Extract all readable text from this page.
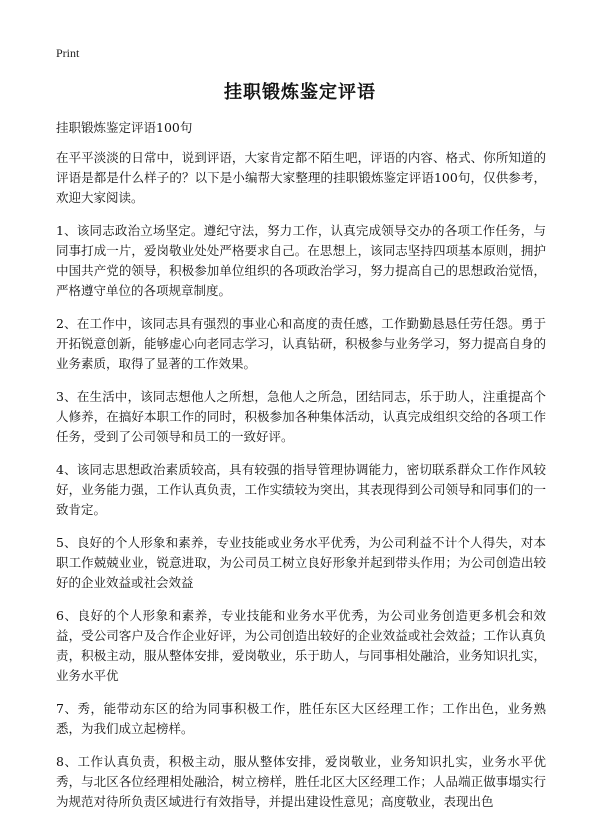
Print
挂职锻炼鉴定评语

挂职锻炼鉴定评语100句

在平平淡淡的日常中，说到评语，大家肯定都不陌生吧，评语的内容、格式、你所知道的评语是都是什么样子的？以下是小编帮大家整理的挂职锻炼鉴定评语100句，仅供参考，欢迎大家阅读。

1、该同志政治立场坚定。遵纪守法，努力工作，认真完成领导交办的各项工作任务，与同事打成一片，爱岗敬业处处严格要求自己。在思想上，该同志坚持四项基本原则，拥护中国共产党的领导，积极参加单位组织的各项政治学习，努力提高自己的思想政治觉悟，严格遵守单位的各项规章制度。

2、在工作中，该同志具有强烈的事业心和高度的责任感，工作勤勤恳恳任劳任怨。勇于开拓锐意创新，能够虚心向老同志学习，认真钻研，积极参与业务学习，努力提高自身的业务素质，取得了显著的工作效果。

3、在生活中，该同志想他人之所想，急他人之所急，团结同志，乐于助人，注重提高个人修养，在搞好本职工作的同时，积极参加各种集体活动，认真完成组织交给的各项工作任务，受到了公司领导和员工的一致好评。

4、该同志思想政治素质较高，具有较强的指导管理协调能力，密切联系群众工作作风较好，业务能力强，工作认真负责，工作实绩较为突出，其表现得到公司领导和同事们的一致肯定。

5、良好的个人形象和素养，专业技能或业务水平优秀，为公司利益不计个人得失，对本职工作兢兢业业，锐意进取，为公司员工树立良好形象并起到带头作用；为公司创造出较好的企业效益或社会效益

6、良好的个人形象和素养，专业技能和业务水平优秀，为公司业务创造更多机会和效益，受公司客户及合作企业好评，为公司创造出较好的企业效益或社会效益；工作认真负责，积极主动，服从整体安排，爱岗敬业，乐于助人，与同事相处融洽，业务知识扎实，业务水平优

7、秀，能带动东区的给为同事积极工作，胜任东区大区经理工作；工作出色，业务熟悉，为我们成立起榜样。

8、工作认真负责，积极主动，服从整体安排，爱岗敬业，业务知识扎实，业务水平优秀，与北区各位经理相处融洽，树立榜样，胜任北区大区经理工作；人品端正做事塌实行为规范对待所负责区域进行有效指导，并提出建设性意见；高度敬业，表现出色
